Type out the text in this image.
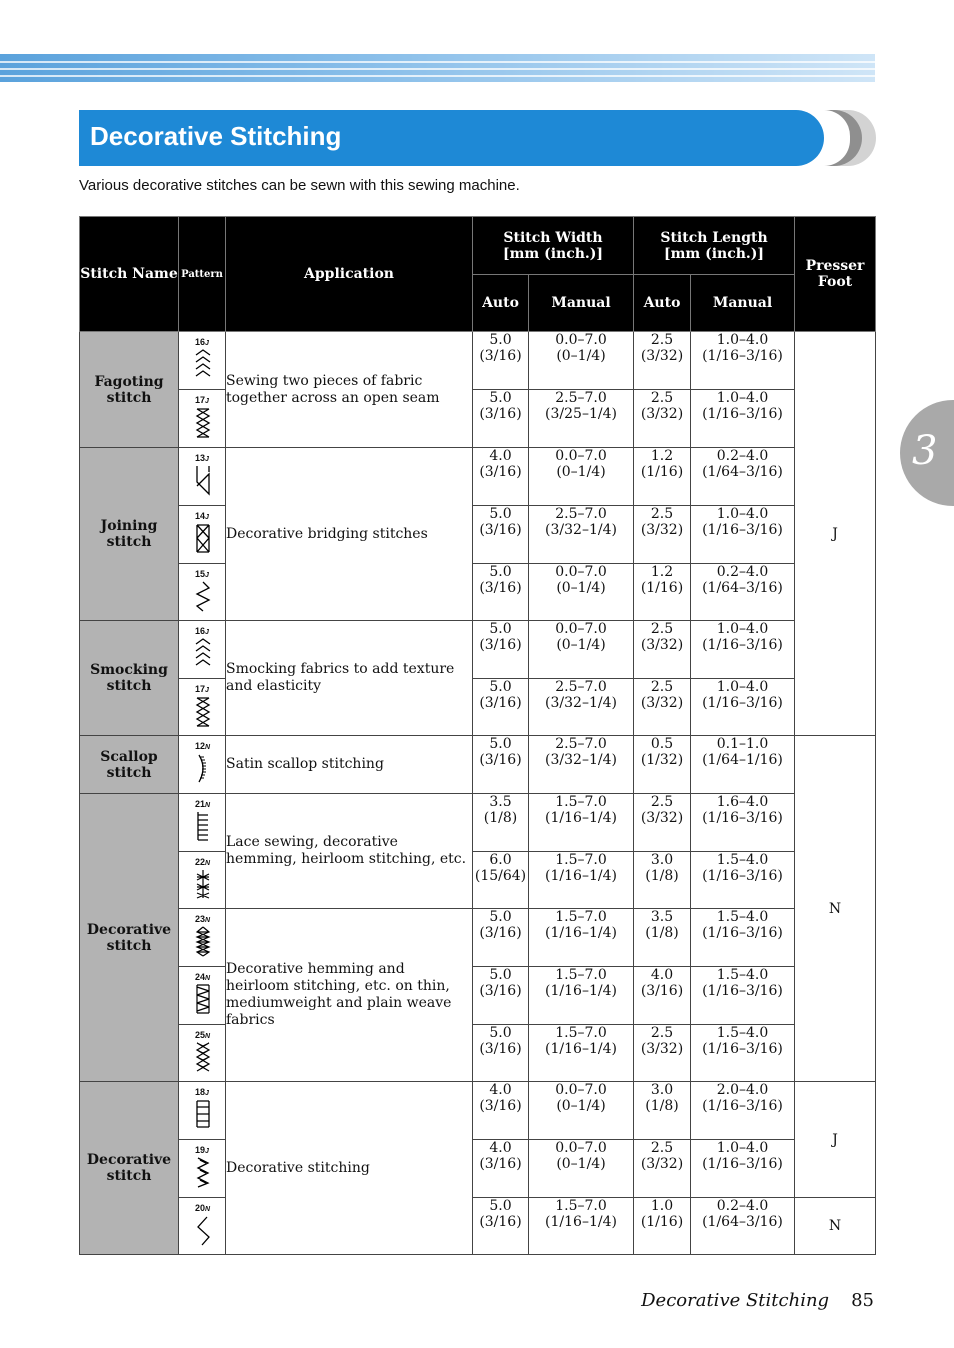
Decorative Stitching
Various decorative stitches can be sewn with this sewing machine.
3
Stitch Name	Pattern	Application	Stitch Width
[mm (inch.)]		Stitch Length
[mm (inch.)]		Presser
Foot
			Auto	Manual	Auto	Manual	
Fagoting
stitch	16J	Sewing two pieces of fabric
together across an open seam	5.0
(3/16)	0.0–7.0
(0–1/4)	2.5
(3/32)	1.0–4.0
(1/16–3/16)	J

	17J		5.0
(3/16)	2.5–7.0
(3/25–1/4)	2.5
(3/32)	1.0–4.0
(1/16–3/16)	
Joining
stitch	13J	Decorative bridging stitches	4.0
(3/16)	0.0–7.0
(0–1/4)	1.2
(1/16)	0.2–4.0
(1/64–3/16)	

	14J		5.0
(3/16)	2.5–7.0
(3/32–1/4)	2.5
(3/32)	1.0–4.0
(1/16–3/16)	

	15J		5.0
(3/16)	0.0–7.0
(0–1/4)	1.2
(1/16)	0.2–4.0
(1/64–3/16)	
Smocking
stitch	16J	Smocking fabrics to add texture
and elasticity	5.0
(3/16)	0.0–7.0
(0–1/4)	2.5
(3/32)	1.0–4.0
(1/16–3/16)	

	17J		5.0
(3/16)	2.5–7.0
(3/32–1/4)	2.5
(3/32)	1.0–4.0
(1/16–3/16)	
Scallop
stitch	12N	Satin scallop stitching	5.0
(3/16)	2.5–7.0
(3/32–1/4)	0.5
(1/32)	0.1–1.0
(1/64–1/16)	N
Decorative
stitch	21N	Lace sewing, decorative
hemming, heirloom stitching, etc.	3.5
(1/8)	1.5–7.0
(1/16–1/4)	2.5
(3/32)	1.6–4.0
(1/16–3/16)	

	22N		6.0
(15/64)	1.5–7.0
(1/16–1/4)	3.0
(1/8)	1.5–4.0
(1/16–3/16)	

	23N	Decorative hemming and
heirloom stitching, etc. on thin,
mediumweight and plain weave
fabrics	5.0
(3/16)	1.5–7.0
(1/16–1/4)	3.5
(1/8)	1.5–4.0
(1/16–3/16)	

	24N		5.0
(3/16)	1.5–7.0
(1/16–1/4)	4.0
(3/16)	1.5–4.0
(1/16–3/16)	

	25N		5.0
(3/16)	1.5–7.0
(1/16–1/4)	2.5
(3/32)	1.5–4.0
(1/16–3/16)	
Decorative
stitch	18J	Decorative stitching	4.0
(3/16)	0.0–7.0
(0–1/4)	3.0
(1/8)	2.0–4.0
(1/16–3/16)	J

	19J		4.0
(3/16)	0.0–7.0
(0–1/4)	2.5
(3/32)	1.0–4.0
(1/16–3/16)	

	20N		5.0
(3/16)	1.5–7.0
(1/16–1/4)	1.0
(1/16)	0.2–4.0
(1/64–3/16)	N
Decorative Stitching 85
